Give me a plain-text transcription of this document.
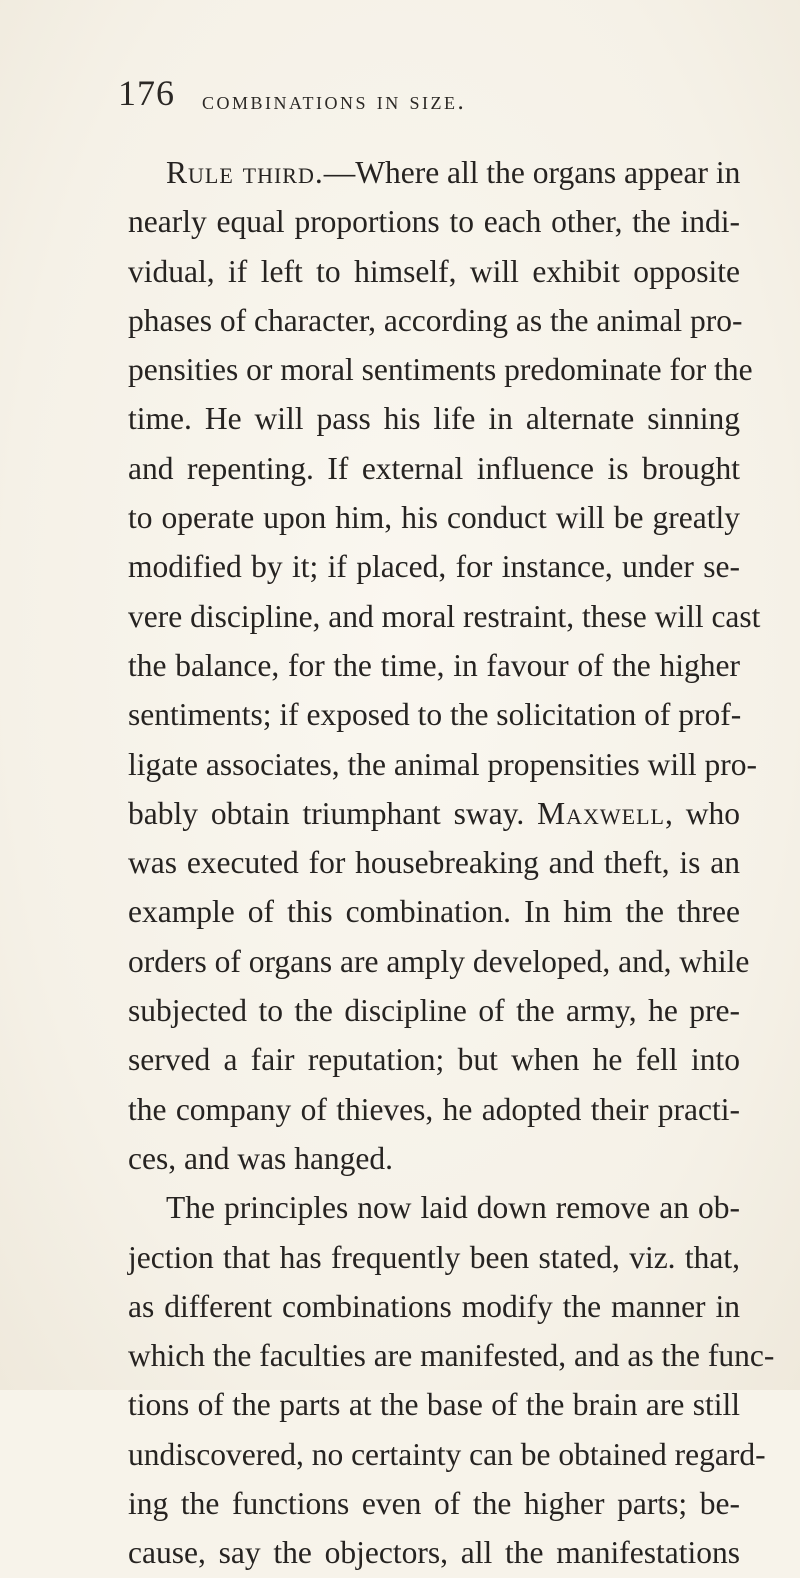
176 combinations in size.
Rule third.—Where all the organs appear in
nearly equal proportions to each other, the indi-
vidual, if left to himself, will exhibit opposite
phases of character, according as the animal pro-
pensities or moral sentiments predominate for the
time. He will pass his life in alternate sinning
and repenting. If external influence is brought
to operate upon him, his conduct will be greatly
modified by it; if placed, for instance, under se-
vere discipline, and moral restraint, these will cast
the balance, for the time, in favour of the higher
sentiments; if exposed to the solicitation of prof-
ligate associates, the animal propensities will pro-
bably obtain triumphant sway. Maxwell, who
was executed for housebreaking and theft, is an
example of this combination. In him the three
orders of organs are amply developed, and, while
subjected to the discipline of the army, he pre-
served a fair reputation; but when he fell into
the company of thieves, he adopted their practi-
ces, and was hanged.
The principles now laid down remove an ob-
jection that has frequently been stated, viz. that,
as different combinations modify the manner in
which the faculties are manifested, and as the func-
tions of the parts at the base of the brain are still
undiscovered, no certainty can be obtained regard-
ing the functions even of the higher parts; be-
cause, say the objectors, all the manifestations
